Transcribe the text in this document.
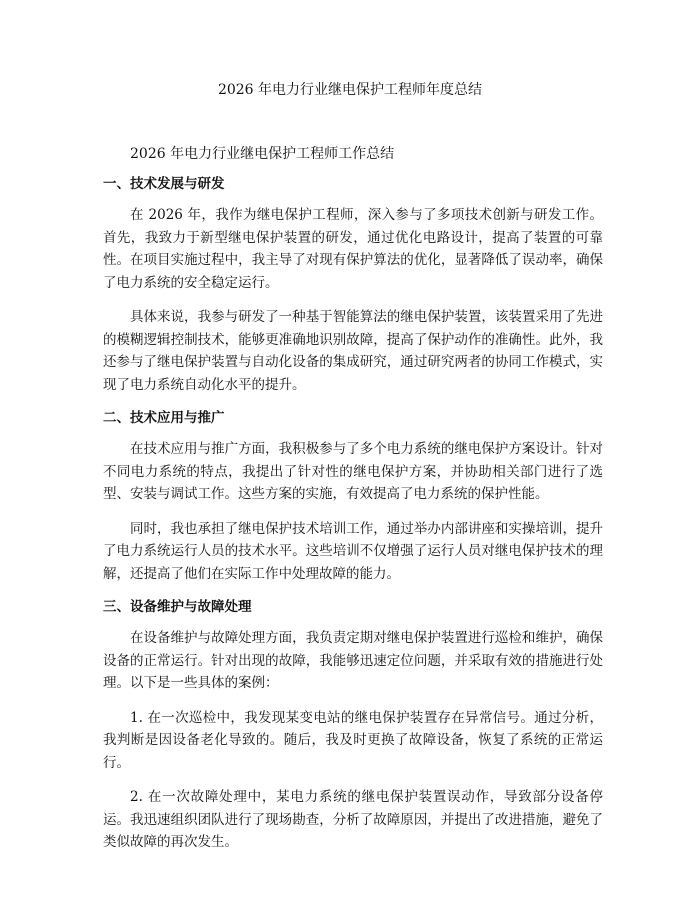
2026 年电力行业继电保护工程师年度总结
2026 年电力行业继电保护工程师工作总结
一、技术发展与研发

在 2026 年，我作为继电保护工程师，深入参与了多项技术创新与研发工作。首先，我致力于新型继电保护装置的研发，通过优化电路设计，提高了装置的可靠性。在项目实施过程中，我主导了对现有保护算法的优化，显著降低了误动率，确保了电力系统的安全稳定运行。

具体来说，我参与研发了一种基于智能算法的继电保护装置，该装置采用了先进的模糊逻辑控制技术，能够更准确地识别故障，提高了保护动作的准确性。此外，我还参与了继电保护装置与自动化设备的集成研究，通过研究两者的协同工作模式，实现了电力系统自动化水平的提升。

二、技术应用与推广

在技术应用与推广方面，我积极参与了多个电力系统的继电保护方案设计。针对不同电力系统的特点，我提出了针对性的继电保护方案，并协助相关部门进行了选型、安装与调试工作。这些方案的实施，有效提高了电力系统的保护性能。

同时，我也承担了继电保护技术培训工作，通过举办内部讲座和实操培训，提升了电力系统运行人员的技术水平。这些培训不仅增强了运行人员对继电保护技术的理解，还提高了他们在实际工作中处理故障的能力。

三、设备维护与故障处理

在设备维护与故障处理方面，我负责定期对继电保护装置进行巡检和维护，确保设备的正常运行。针对出现的故障，我能够迅速定位问题，并采取有效的措施进行处理。以下是一些具体的案例：

1. 在一次巡检中，我发现某变电站的继电保护装置存在异常信号。通过分析，我判断是因设备老化导致的。随后，我及时更换了故障设备，恢复了系统的正常运行。

2. 在一次故障处理中，某电力系统的继电保护装置误动作，导致部分设备停运。我迅速组织团队进行了现场勘查，分析了故障原因，并提出了改进措施，避免了类似故障的再次发生。
